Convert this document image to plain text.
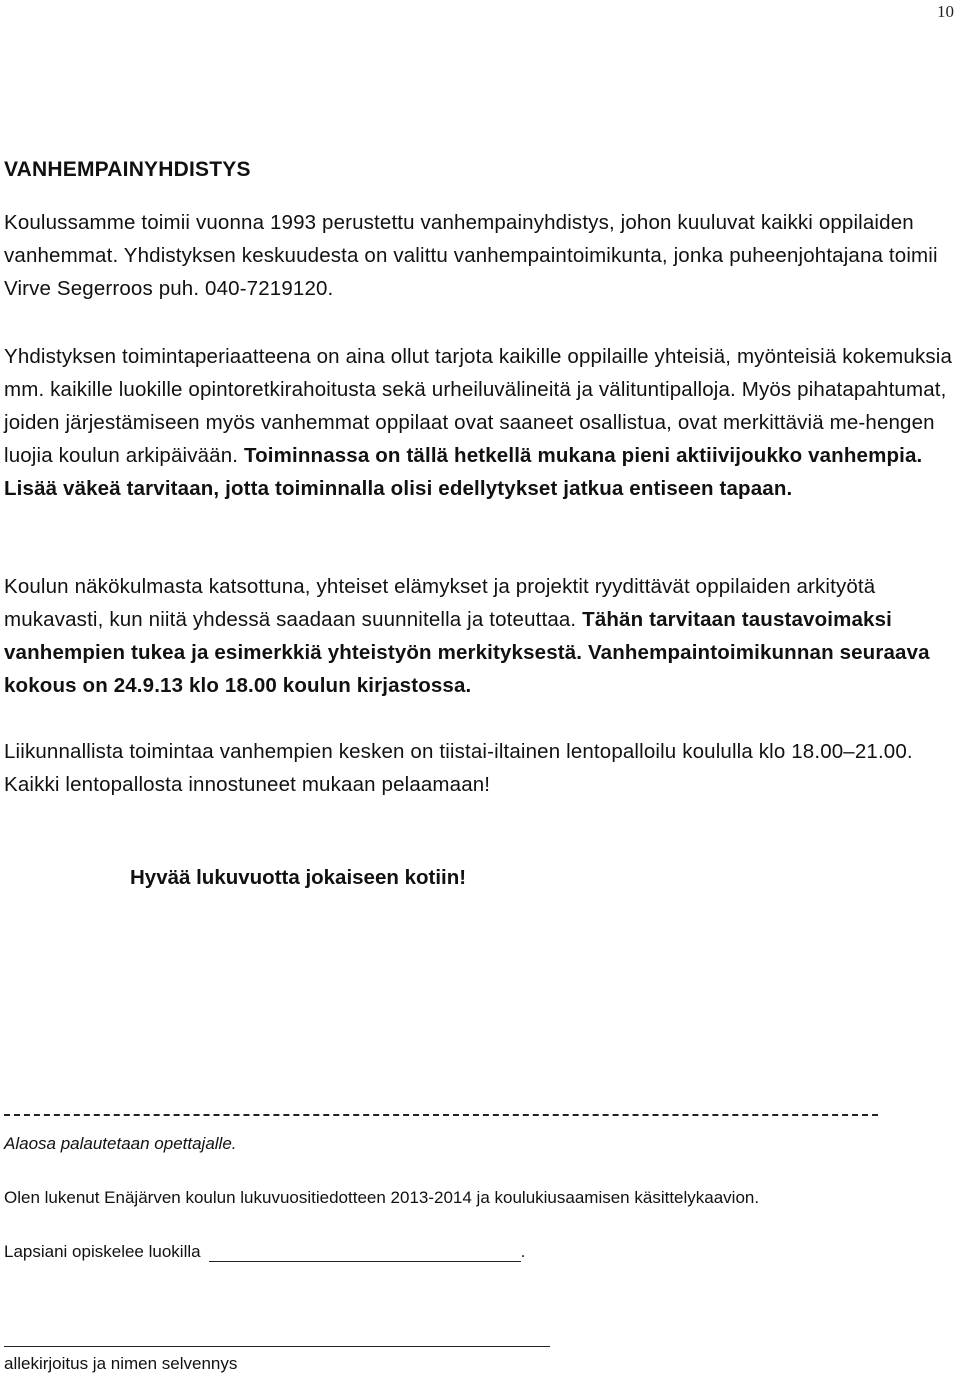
10
VANHEMPAINYHDISTYS

Koulussamme toimii vuonna 1993 perustettu vanhempainyhdistys, johon kuuluvat kaikki oppilaiden vanhemmat. Yhdistyksen keskuudesta on valittu vanhempaintoimikunta, jonka puheenjohtajana toimii Virve Segerroos puh. 040-7219120.

Yhdistyksen toimintaperiaatteena on aina ollut tarjota kaikille oppilaille yhteisiä, myönteisiä kokemuksia mm. kaikille luokille opintoretkirahoitusta sekä urheiluvälineitä ja välituntipalloja. Myös pihatapahtumat, joiden järjestämiseen myös vanhemmat oppilaat ovat saaneet osallistua, ovat merkittäviä me-hengen luojia koulun arkipäivään. Toiminnassa on tällä hetkellä mukana pieni aktiivijoukko vanhempia. Lisää väkeä tarvitaan, jotta toiminnalla olisi edellytykset jatkua entiseen tapaan.

Koulun näkökulmasta katsottuna, yhteiset elämykset ja projektit ryydittävät oppilaiden arkityötä mukavasti, kun niitä yhdessä saadaan suunnitella ja toteuttaa. Tähän tarvitaan taustavoimaksi vanhempien tukea ja esimerkkiä yhteistyön merkityksestä. Vanhempaintoimikunnan seuraava kokous on 24.9.13 klo 18.00 koulun kirjastossa.

Liikunnallista toimintaa vanhempien kesken on tiistai-iltainen lentopalloilu koululla klo 18.00–21.00. Kaikki lentopallosta innostuneet mukaan pelaamaan!

Hyvää lukuvuotta jokaiseen kotiin!

Alaosa palautetaan opettajalle.

Olen lukenut Enäjärven koulun lukuvuositiedotteen 2013-2014 ja koulukiusaamisen käsittelykaavion.

Lapsiani opiskelee luokilla	.

allekirjoitus ja nimen selvennys
